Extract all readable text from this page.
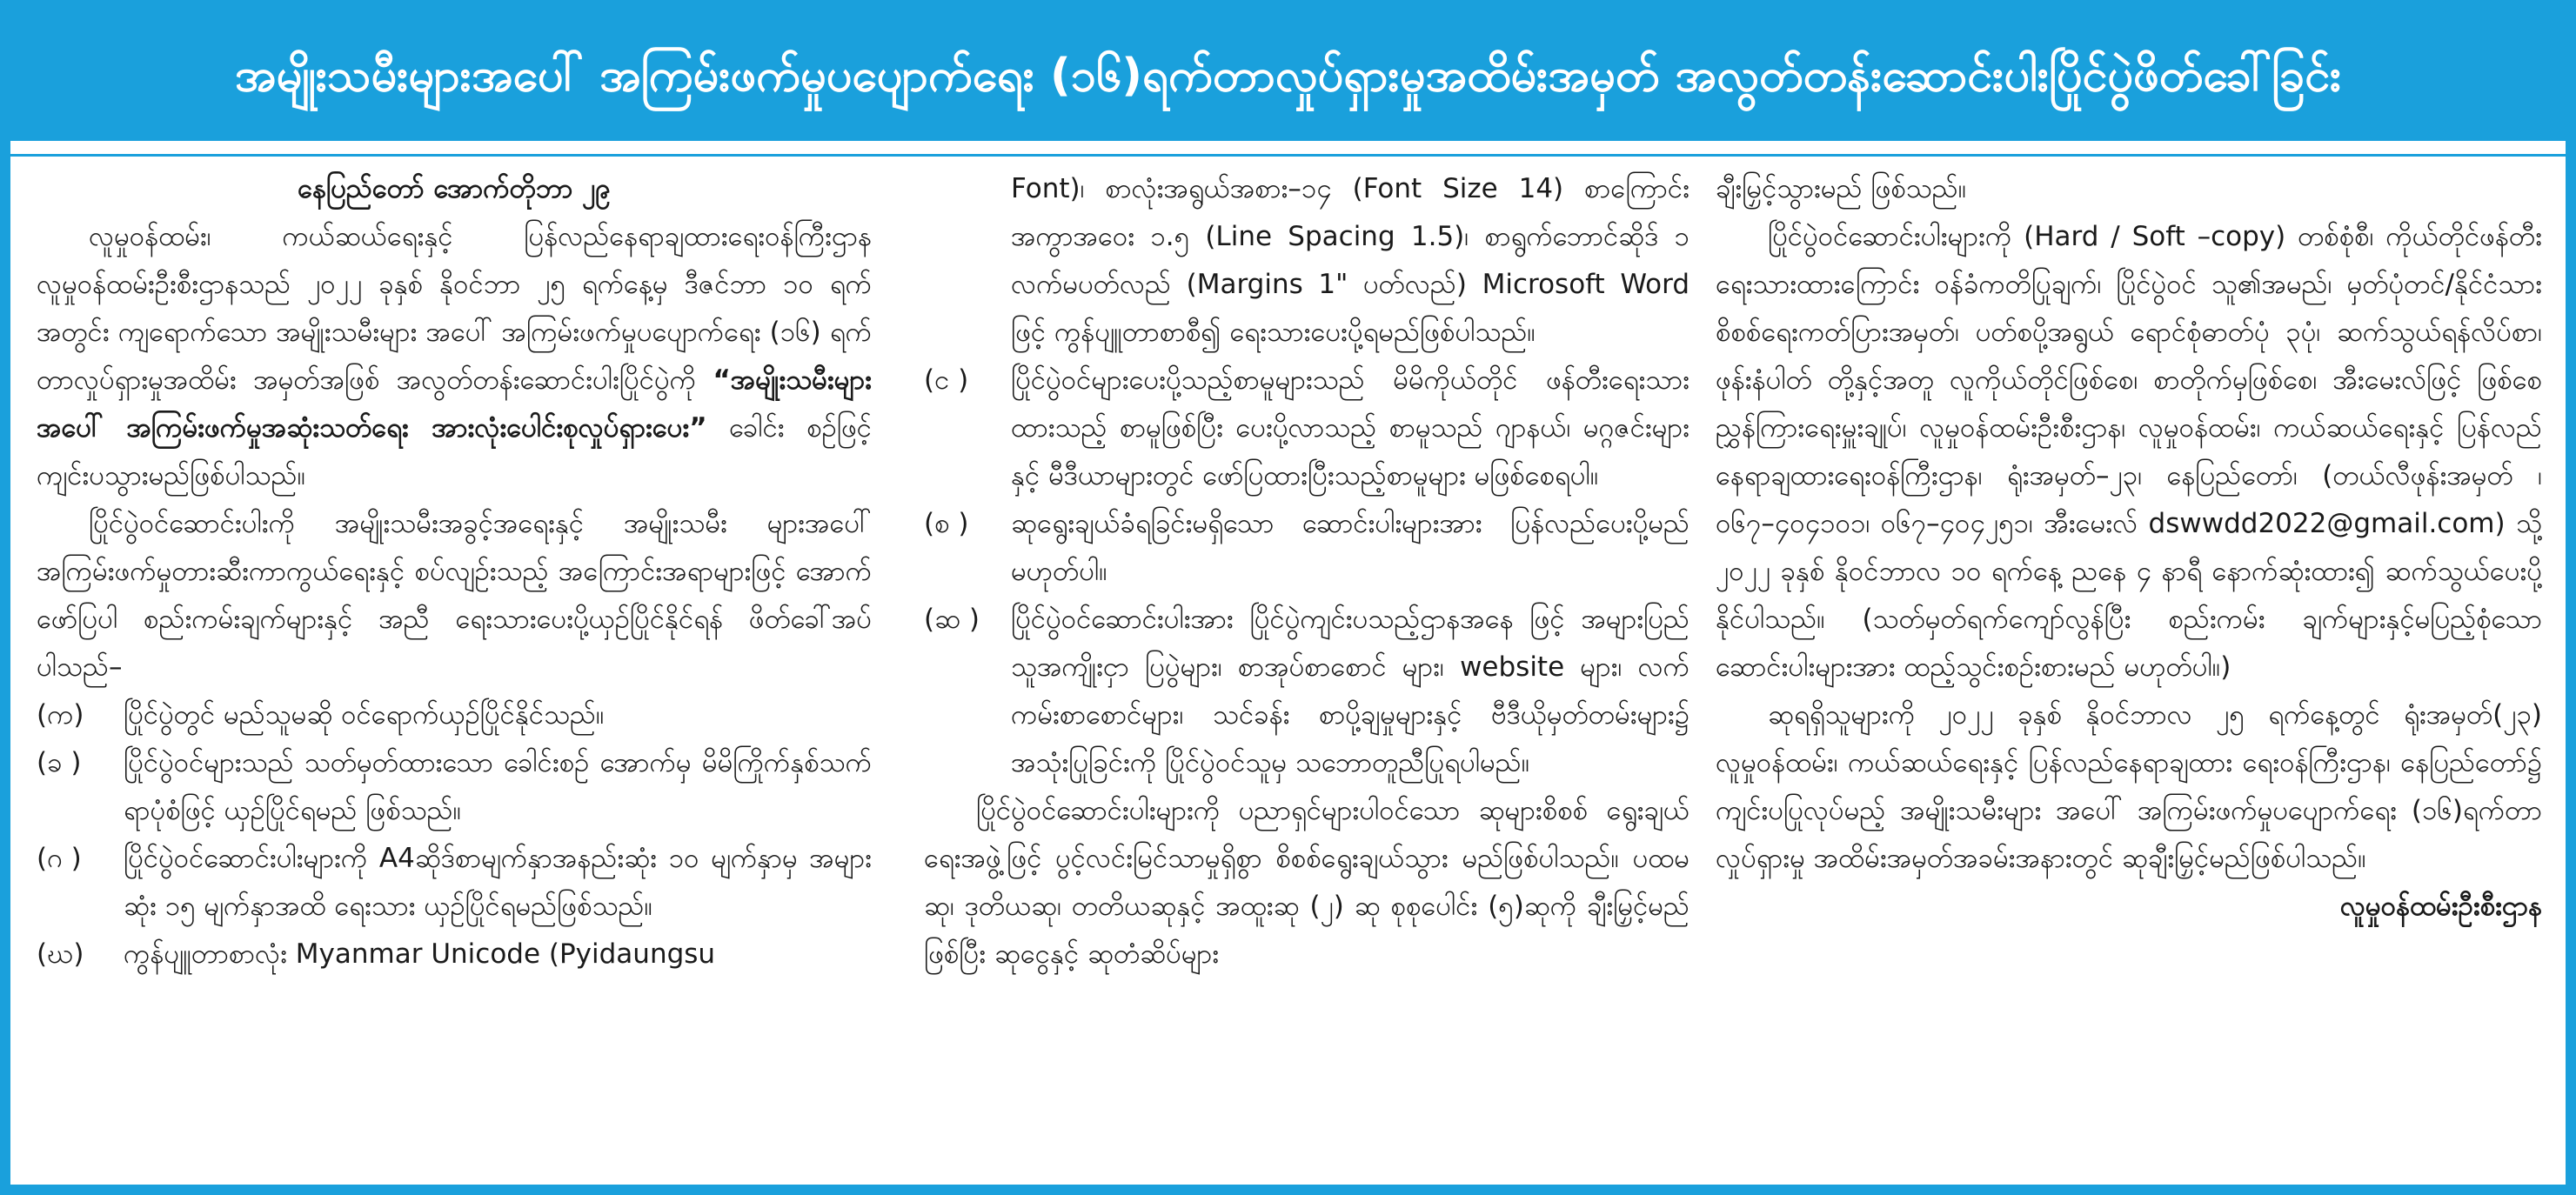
အမျိုးသမီးများအပေါ် အကြမ်းဖက်မှုပပျောက်ရေး (၁၆)ရက်တာလှုပ်ရှားမှုအထိမ်းအမှတ် အလွတ်တန်းဆောင်းပါးပြိုင်ပွဲဖိတ်ခေါ်ခြင်း

နေပြည်တော် အောက်တိုဘာ ၂၉

လူမှုဝန်ထမ်း၊ ကယ်ဆယ်ရေးနှင့် ပြန်လည်နေရာချထားရေးဝန်ကြီးဌာန လူမှုဝန်ထမ်းဦးစီးဌာနသည် ၂၀၂၂ ခုနှစ် နိုဝင်ဘာ ၂၅ ရက်နေ့မှ ဒီဇင်ဘာ ၁၀ ရက်အတွင်း ကျရောက်သော အမျိုးသမီးများ အပေါ် အကြမ်းဖက်မှုပပျောက်ရေး (၁၆) ရက်တာလှုပ်ရှားမှုအထိမ်း အမှတ်အဖြစ် အလွတ်တန်းဆောင်းပါးပြိုင်ပွဲကို “အမျိုးသမီးများအပေါ် အကြမ်းဖက်မှုအဆုံးသတ်ရေး အားလုံးပေါင်းစုလှုပ်ရှားပေး” ခေါင်း စဉ်ဖြင့် ကျင်းပသွားမည်ဖြစ်ပါသည်။

ပြိုင်ပွဲဝင်ဆောင်းပါးကို အမျိုးသမီးအခွင့်အရေးနှင့် အမျိုးသမီး များအပေါ် အကြမ်းဖက်မှုတားဆီးကာကွယ်ရေးနှင့် စပ်လျဉ်းသည့် အကြောင်းအရာများဖြင့် အောက်ဖော်ပြပါ စည်းကမ်းချက်များနှင့် အညီ ရေးသားပေးပို့ယှဉ်ပြိုင်နိုင်ရန် ဖိတ်ခေါ်အပ်ပါသည်–

(က)	ပြိုင်ပွဲတွင် မည်သူမဆို ဝင်ရောက်ယှဉ်ပြိုင်နိုင်သည်။
(ခ )	ပြိုင်ပွဲဝင်များသည် သတ်မှတ်ထားသော ခေါင်းစဉ် အောက်မှ မိမိကြိုက်နှစ်သက်ရာပုံစံဖြင့် ယှဉ်ပြိုင်ရမည် ဖြစ်သည်။
(ဂ )	ပြိုင်ပွဲဝင်ဆောင်းပါးများကို A4ဆိုဒ်စာမျက်နှာအနည်းဆုံး ၁၀ မျက်နှာမှ အများဆုံး ၁၅ မျက်နှာအထိ ရေးသား ယှဉ်ပြိုင်ရမည်ဖြစ်သည်။
(ဃ)	ကွန်ပျူတာစာလုံး Myanmar Unicode (Pyidaungsu

Font)၊ စာလုံးအရွယ်အစား–၁၄ (Font Size 14) စာကြောင်းအကွာအဝေး ၁.၅ (Line Spacing 1.5)၊ စာရွက်ဘောင်ဆိုဒ် ၁ လက်မပတ်လည် (Margins 1" ပတ်လည်) Microsoft Word ဖြင့် ကွန်ပျူတာစာစီ၍ ရေးသားပေးပို့ရမည်ဖြစ်ပါသည်။

(င )	ပြိုင်ပွဲဝင်များပေးပို့သည့်စာမူများသည် မိမိကိုယ်တိုင် ဖန်တီးရေးသားထားသည့် စာမူဖြစ်ပြီး ပေးပို့လာသည့် စာမူသည် ဂျာနယ်၊ မဂ္ဂဇင်းများနှင့် မီဒီယာများတွင် ဖော်ပြထားပြီးသည့်စာမူများ မဖြစ်စေရပါ။
(စ )	ဆုရွေးချယ်ခံရခြင်းမရှိသော ဆောင်းပါးများအား ပြန်လည်ပေးပို့မည်မဟုတ်ပါ။
(ဆ )	ပြိုင်ပွဲဝင်ဆောင်းပါးအား ပြိုင်ပွဲကျင်းပသည့်ဌာနအနေ ဖြင့် အများပြည်သူအကျိုးငှာ ပြပွဲများ၊ စာအုပ်စာစောင် များ၊ website များ၊ လက်ကမ်းစာစောင်များ၊ သင်ခန်း စာပို့ချမှုများနှင့် ဗီဒီယိုမှတ်တမ်းများ၌ အသုံးပြုခြင်းကို ပြိုင်ပွဲဝင်သူမှ သဘောတူညီပြုရပါမည်။

ပြိုင်ပွဲဝင်ဆောင်းပါးများကို ပညာရှင်များပါဝင်သော ဆုများစိစစ် ရွေးချယ်ရေးအဖွဲ့ဖြင့် ပွင့်လင်းမြင်သာမှုရှိစွာ စိစစ်ရွေးချယ်သွား မည်ဖြစ်ပါသည်။ ပထမဆု၊ ဒုတိယဆု၊ တတိယဆုနှင့် အထူးဆု (၂) ဆု စုစုပေါင်း (၅)ဆုကို ချီးမြှင့်မည်ဖြစ်ပြီး ဆုငွေနှင့် ဆုတံဆိပ်များ

ချီးမြှင့်သွားမည် ဖြစ်သည်။

ပြိုင်ပွဲဝင်ဆောင်းပါးများကို (Hard / Soft –copy) တစ်စုံစီ၊ ကိုယ်တိုင်ဖန်တီးရေးသားထားကြောင်း ဝန်ခံကတိပြုချက်၊ ပြိုင်ပွဲဝင် သူ၏အမည်၊ မှတ်ပုံတင်/နိုင်ငံသားစိစစ်ရေးကတ်ပြားအမှတ်၊ ပတ်စပို့အရွယ် ရောင်စုံဓာတ်ပုံ ၃ပုံ၊ ဆက်သွယ်ရန်လိပ်စာ၊ ဖုန်းနံပါတ် တို့နှင့်အတူ လူကိုယ်တိုင်ဖြစ်စေ၊ စာတိုက်မှဖြစ်စေ၊ အီးမေးလ်ဖြင့် ဖြစ်စေ ညွှန်ကြားရေးမှူးချုပ်၊ လူမှုဝန်ထမ်းဦးစီးဌာန၊ လူမှုဝန်ထမ်း၊ ကယ်ဆယ်ရေးနှင့် ပြန်လည်နေရာချထားရေးဝန်ကြီးဌာန၊ ရုံးအမှတ်–၂၃၊ နေပြည်တော်၊ (တယ်လီဖုန်းအမှတ် ၊ ၀၆၇–၄၀၄၁၀၁၊ ၀၆၇–၄၀၄၂၅၁၊ အီးမေးလ် dswwdd2022@gmail.com) သို့ ၂၀၂၂ ခုနှစ် နိုဝင်ဘာလ ၁၀ ရက်နေ့ ညနေ ၄ နာရီ နောက်ဆုံးထား၍ ဆက်သွယ်ပေးပို့နိုင်ပါသည်။ (သတ်မှတ်ရက်ကျော်လွန်ပြီး စည်းကမ်း ချက်များနှင့်မပြည့်စုံသော ဆောင်းပါးများအား ထည့်သွင်းစဉ်းစားမည် မဟုတ်ပါ။)

ဆုရရှိသူများကို ၂၀၂၂ ခုနှစ် နိုဝင်ဘာလ ၂၅ ရက်နေ့တွင် ရုံးအမှတ်(၂၃) လူမှုဝန်ထမ်း၊ ကယ်ဆယ်ရေးနှင့် ပြန်လည်နေရာချထား ရေးဝန်ကြီးဌာန၊ နေပြည်တော်၌ ကျင်းပပြုလုပ်မည့် အမျိုးသမီးများ အပေါ် အကြမ်းဖက်မှုပပျောက်ရေး (၁၆)ရက်တာလှုပ်ရှားမှု အထိမ်းအမှတ်အခမ်းအနားတွင် ဆုချီးမြှင့်မည်ဖြစ်ပါသည်။

လူမှုဝန်ထမ်းဦးစီးဌာန
